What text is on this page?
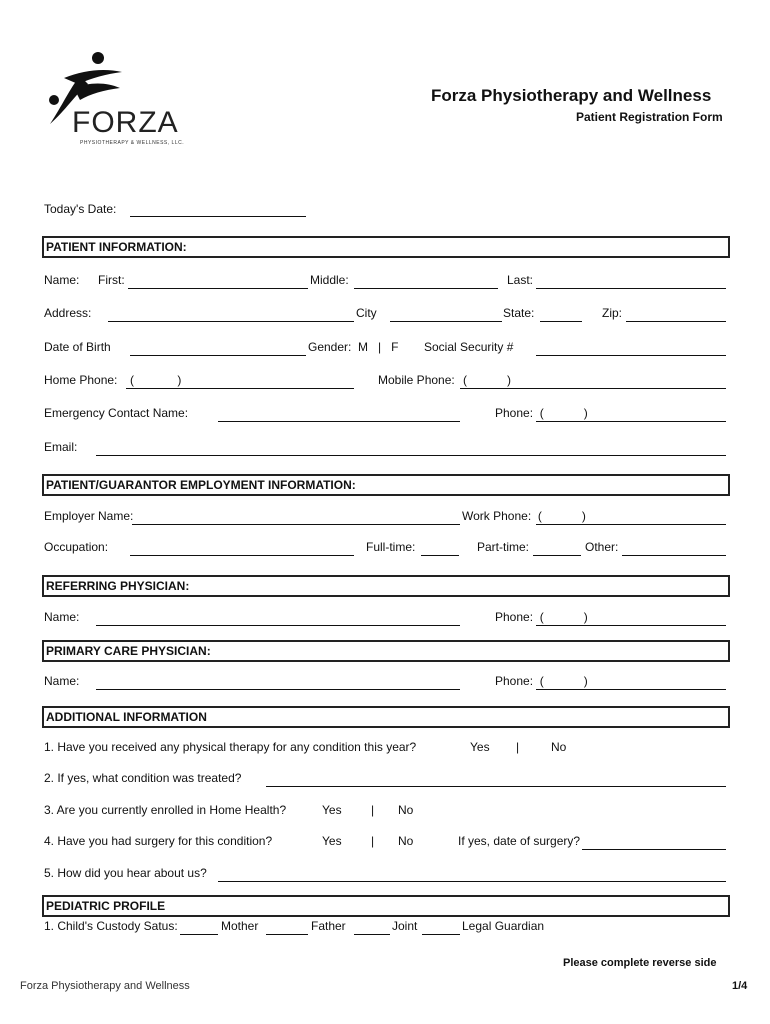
FORZA
PHYSIOTHERAPY & WELLNESS, LLC.
Forza Physiotherapy and Wellness
Patient Registration Form
Today's Date:
PATIENT INFORMATION:
Name: First:	Middle:	Last:
Address:	City	State:	Zip:
Date of Birth	Gender:  M   |   F Social Security #
Home Phone: (             )	Mobile Phone: (            )
Emergency Contact Name:	Phone:  (            )
Email:
PATIENT/GUARANTOR EMPLOYMENT INFORMATION:
Employer Name:	Work Phone:  (            )
Occupation:	Full-time:	Part-time:	Other:
REFERRING PHYSICIAN:
Name:	Phone:  (            )
PRIMARY CARE PHYSICIAN:
Name:	Phone:  (            )
ADDITIONAL INFORMATION
1. Have you received any physical therapy for any condition this year?	Yes |	No
2. If yes, what condition was treated?
3. Are you currently enrolled in Home Health?	Yes | No
4. Have you had surgery for this condition?	Yes | No	If yes, date of surgery?
5. How did you hear about us?
PEDIATRIC PROFILE
1. Child's Custody Satus:	Mother	Father	Joint	Legal Guardian
Please complete reverse side
Forza Physiotherapy and Wellness	1/4
